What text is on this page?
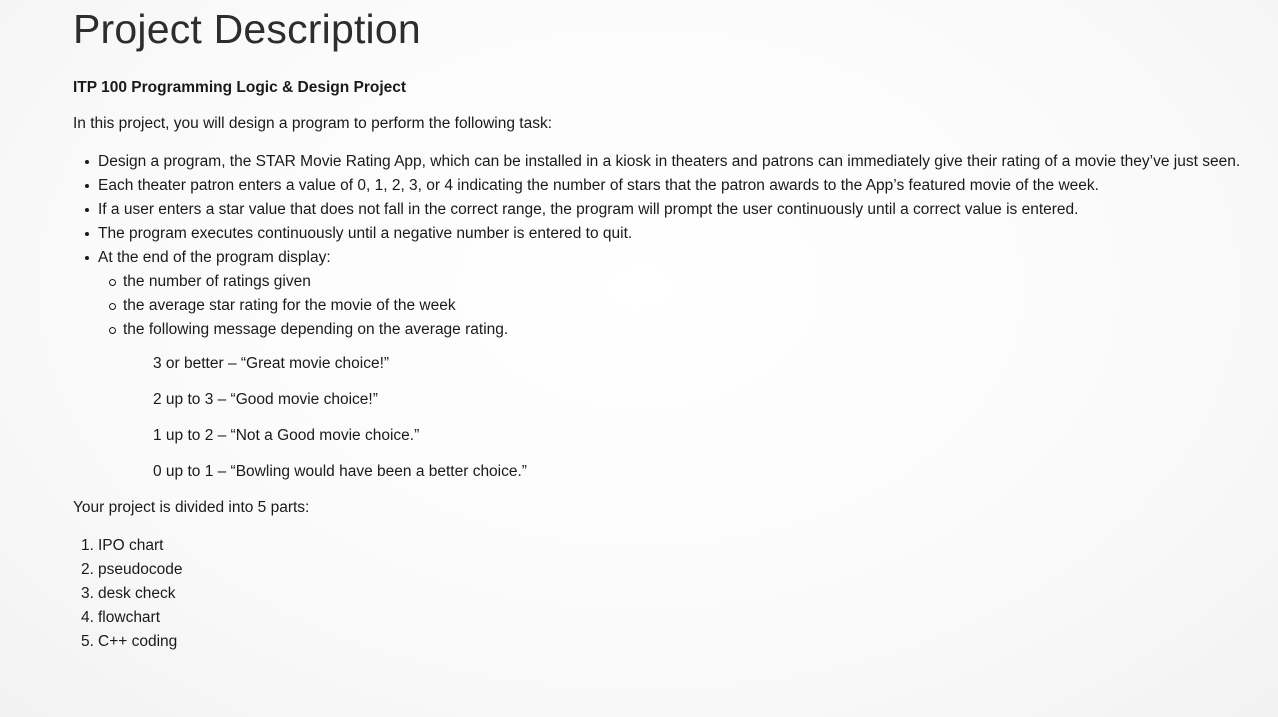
Project Description

ITP 100 Programming Logic & Design Project

In this project, you will design a program to perform the following task:

Design a program, the STAR Movie Rating App, which can be installed in a kiosk in theaters and patrons can immediately give their rating of a movie they’ve just seen.
Each theater patron enters a value of 0, 1, 2, 3, or 4 indicating the number of stars that the patron awards to the App’s featured movie of the week.
If a user enters a star value that does not fall in the correct range, the program will prompt the user continuously until a correct value is entered.
The program executes continuously until a negative number is entered to quit.
At the end of the program display:
the number of ratings given
the average star rating for the movie of the week
the following message depending on the average rating.

3 or better – “Great movie choice!”

2 up to 3 – “Good movie choice!”

1 up to 2 – “Not a Good movie choice.”

0 up to 1 – “Bowling would have been a better choice.”

Your project is divided into 5 parts:

1. IPO chart
2. pseudocode
3. desk check
4. flowchart
5. C++ coding
